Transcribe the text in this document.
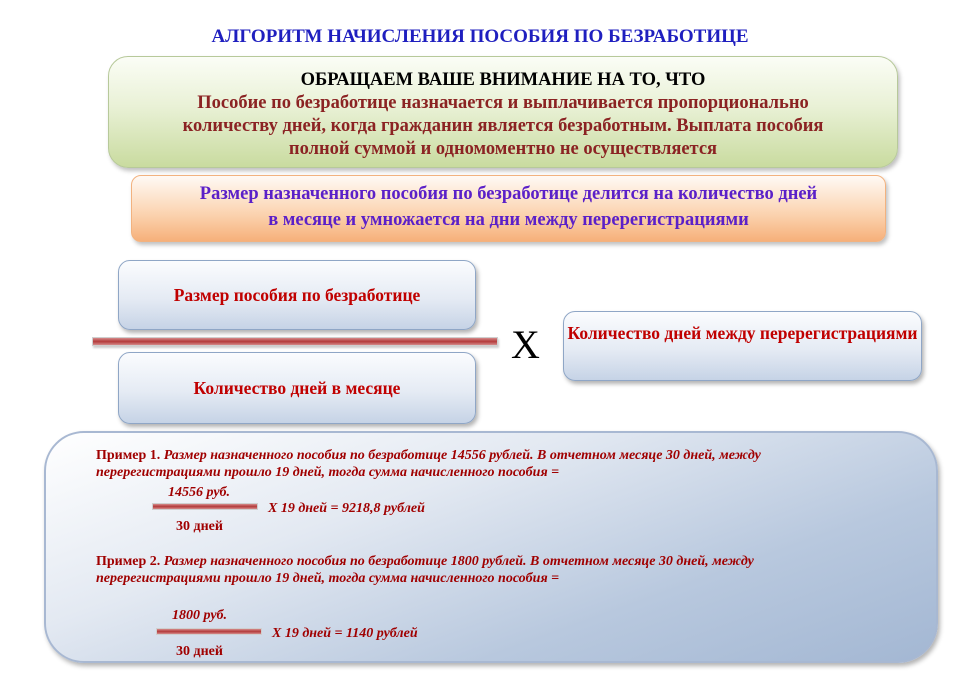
АЛГОРИТМ НАЧИСЛЕНИЯ ПОСОБИЯ ПО БЕЗРАБОТИЦЕ
ОБРАЩАЕМ ВАШЕ ВНИМАНИЕ НА ТО, ЧТО
Пособие по безработице назначается и выплачивается пропорционально
количеству дней, когда гражданин является безработным. Выплата пособия
полной суммой и одномоментно не осуществляется
Размер назначенного пособия по безработице делится на количество дней
в месяце и умножается на дни между перерегистрациями
Размер пособия по безработице
Количество дней в месяце
X Количество дней между перерегистрациями
Пример 1. Размер назначенного пособия по безработице 14556 рублей. В отчетном месяце 30 дней, между
перерегистрациями прошло 19 дней, тогда сумма начисленного пособия =
14556 руб.
X 19 дней = 9218,8 рублей
30 дней
Пример 2. Размер назначенного пособия по безработице 1800 рублей. В отчетном месяце 30 дней, между
перерегистрациями прошло 19 дней, тогда сумма начисленного пособия =
1800 руб.
X 19 дней = 1140 рублей
30 дней
